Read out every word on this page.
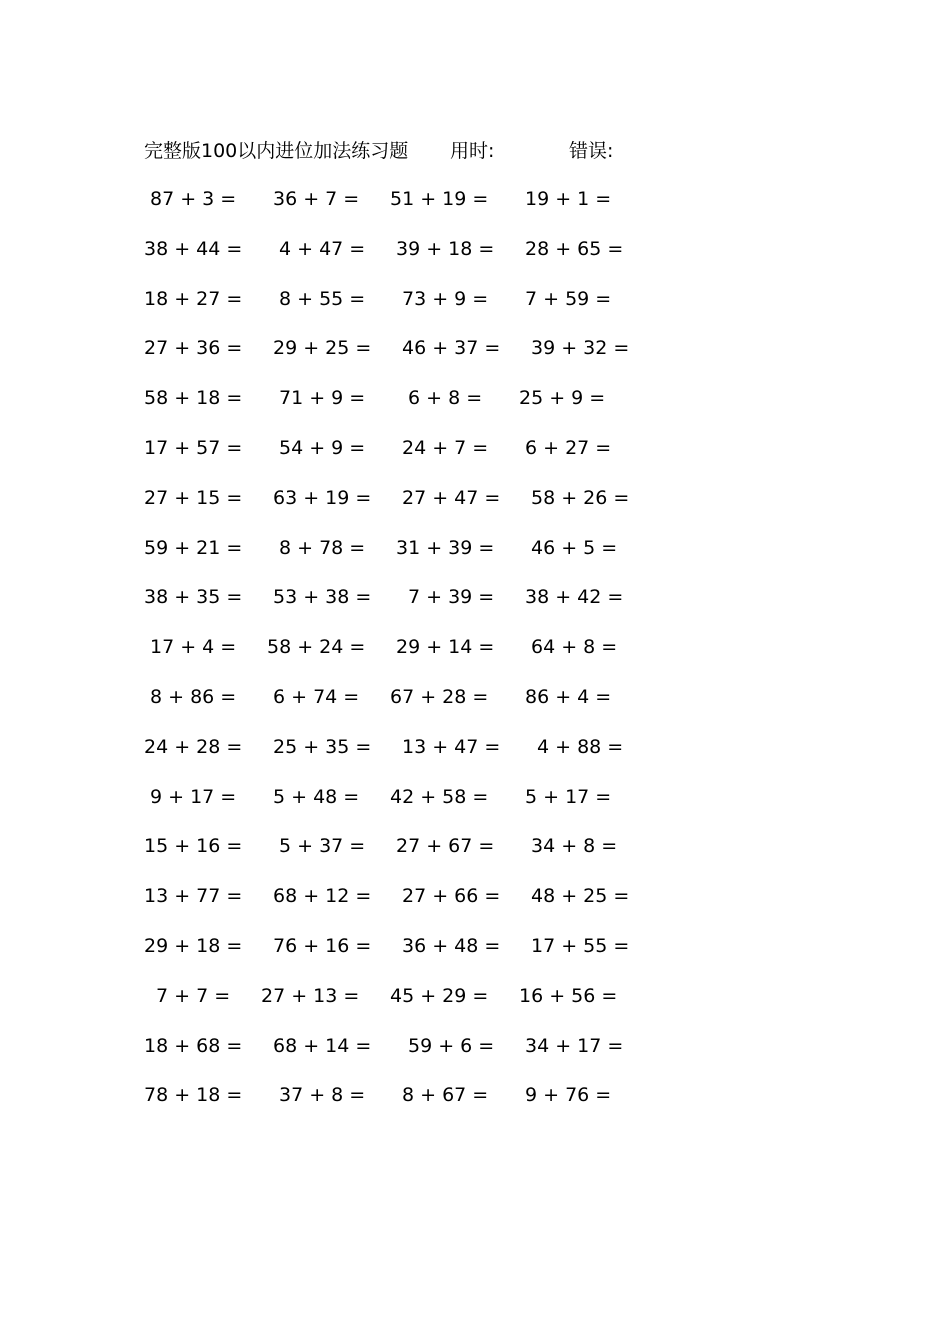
完整版100以内进位加法练习题 用时:	错误:
87 + 3 = 36 + 7 = 51 + 19 = 19 + 1 =
38 + 44 = 4 + 47 = 39 + 18 = 28 + 65 =
18 + 27 = 8 + 55 = 73 + 9 = 7 + 59 =
27 + 36 = 29 + 25 = 46 + 37 = 39 + 32 =
58 + 18 = 71 + 9 = 6 + 8 = 25 + 9 =
17 + 57 = 54 + 9 = 24 + 7 = 6 + 27 =
27 + 15 = 63 + 19 = 27 + 47 = 58 + 26 =
59 + 21 = 8 + 78 = 31 + 39 = 46 + 5 =
38 + 35 = 53 + 38 = 7 + 39 = 38 + 42 =
17 + 4 = 58 + 24 = 29 + 14 = 64 + 8 =
8 + 86 = 6 + 74 = 67 + 28 = 86 + 4 =
24 + 28 = 25 + 35 = 13 + 47 = 4 + 88 =
9 + 17 = 5 + 48 = 42 + 58 = 5 + 17 =
15 + 16 = 5 + 37 = 27 + 67 = 34 + 8 =
13 + 77 = 68 + 12 = 27 + 66 = 48 + 25 =
29 + 18 = 76 + 16 = 36 + 48 = 17 + 55 =
7 + 7 = 27 + 13 = 45 + 29 = 16 + 56 =
18 + 68 = 68 + 14 = 59 + 6 = 34 + 17 =
78 + 18 = 37 + 8 = 8 + 67 = 9 + 76 =
